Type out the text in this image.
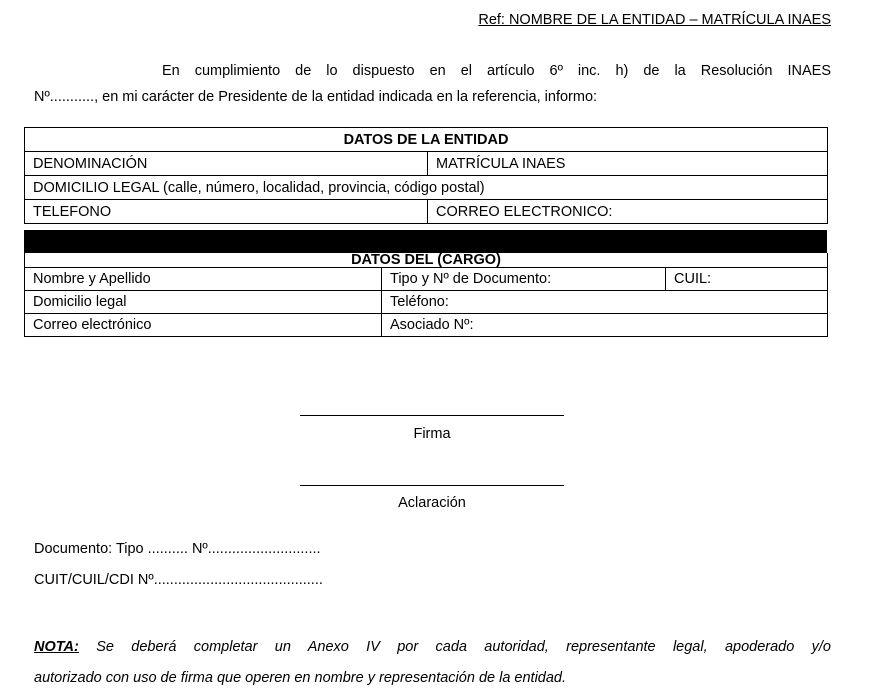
Ref: NOMBRE DE LA ENTIDAD – MATRÍCULA INAES
En cumplimiento de lo dispuesto en el artículo 6º inc. h) de la Resolución INAES
Nº..........., en mi carácter de Presidente de la entidad indicada en la referencia, informo:
DATOS DE LA ENTIDAD	
DENOMINACIÓN	MATRÍCULA INAES
DOMICILIO LEGAL (calle, número, localidad, provincia, código postal)	
TELEFONO	CORREO ELECTRONICO:
DATOS DEL (CARGO)		
Nombre y Apellido	Tipo y Nº de Documento:	CUIL:
Domicilio legal	Teléfono:	
Correo electrónico	Asociado Nº:	
Firma
Aclaración
Documento: Tipo .......... Nº............................
CUIT/CUIL/CDI Nº..........................................
NOTA: Se deberá completar un Anexo IV por cada autoridad, representante legal, apoderado y/o
autorizado con uso de firma que operen en nombre y representación de la entidad.
